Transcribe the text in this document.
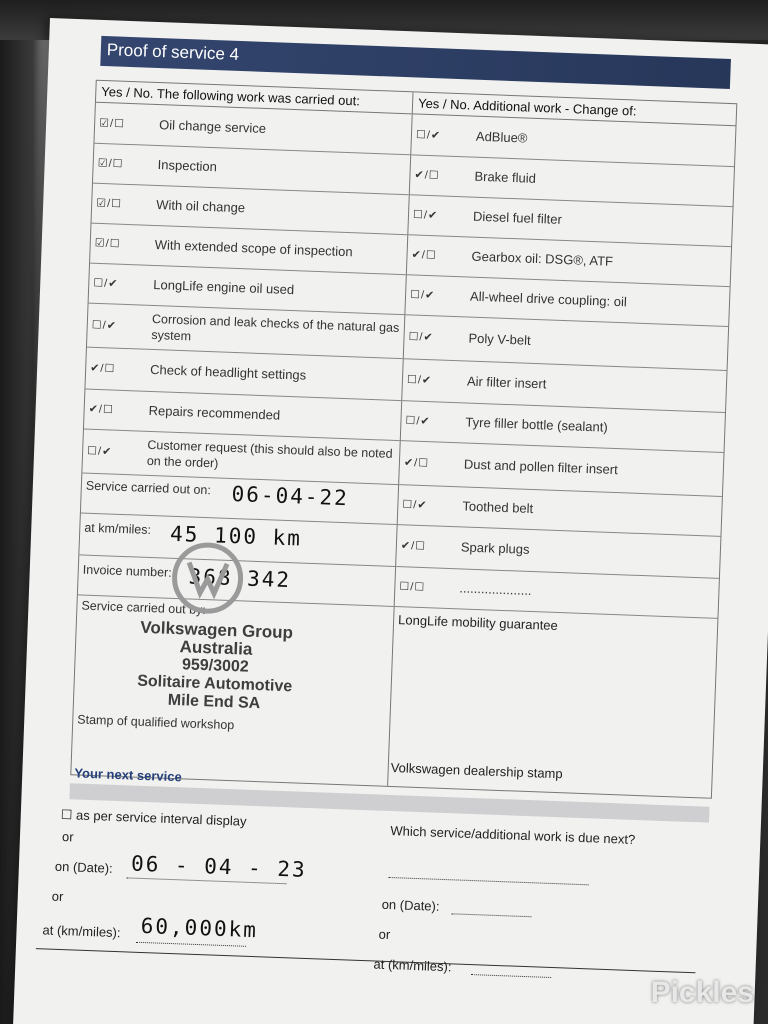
Proof of service 4
Yes / No. The following work was carried out:
☑/☐	Oil change service
☑/☐	Inspection
☑/☐	With oil change
☑/☐	With extended scope of inspection
☐/✔	LongLife engine oil used
☐/✔	Corrosion and leak checks of the natural gas system
✔/☐	Check of headlight settings
✔/☐	Repairs recommended
☐/✔	Customer request (this should also be noted on the order)
Service carried out on: 06-04-22
at km/miles: 45 100 km
Invoice number: 368 342
Service carried out by:
Volkswagen Group
Australia
959/3002
Solitaire Automotive
Mile End SA
Stamp of qualified workshop
Yes / No. Additional work - Change of:
☐/✔	AdBlue®
✔/☐	Brake fluid
☐/✔	Diesel fuel filter
✔/☐	Gearbox oil: DSG®, ATF
☐/✔	All-wheel drive coupling: oil
☐/✔	Poly V-belt
☐/✔	Air filter insert
☐/✔	Tyre filler bottle (sealant)
✔/☐	Dust and pollen filter insert
☐/✔	Toothed belt
✔/☐	Spark plugs
☐/☐	....................
LongLife mobility guarantee
Volkswagen dealership stamp
Your next service
☐ as per service interval display
or
on (Date): 06 - 04 - 23
or
at (km/miles): 60,000km
Which service/additional work is due next?
on (Date):
or
at (km/miles):
Pickles
